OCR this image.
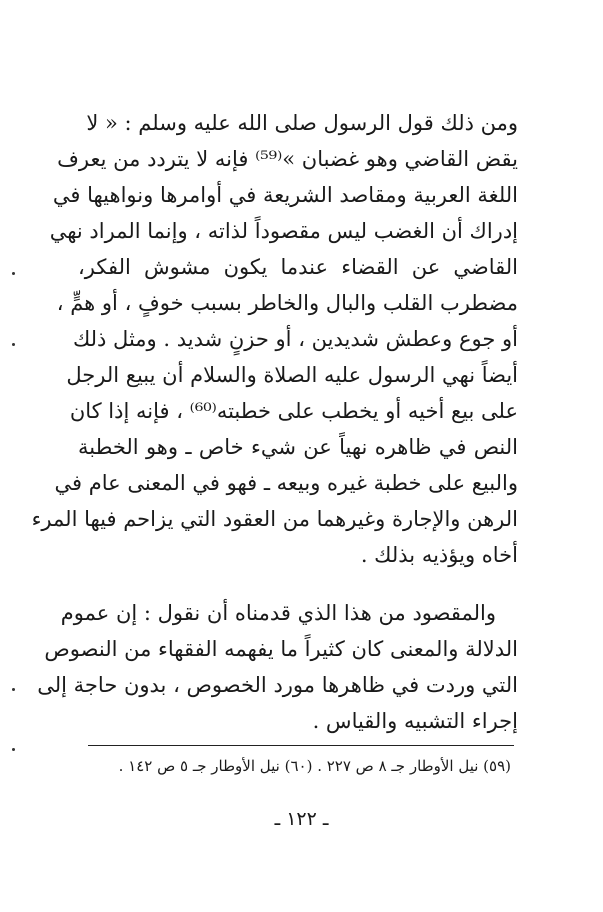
ومن ذلك قول الرسول صلى الله عليه وسلم : « لا
يقض القاضي وهو غضبان »⁽⁵⁹⁾ فإنه لا يتردد من يعرف
اللغة العربية ومقاصد الشريعة في أوامرها ونواهيها في
إدراك أن الغضب ليس مقصوداً لذاته ، وإنما المراد نهي
القاضي عن القضاء عندما يكون مشوش الفكر،
مضطرب القلب والبال والخاطر بسبب خوفٍ ، أو همٍّ ،
أو جوع وعطش شديدين ، أو حزنٍ شديد . ومثل ذلك
أيضاً نهي الرسول عليه الصلاة والسلام أن يبيع الرجل
على بيع أخيه أو يخطب على خطبته⁽⁶⁰⁾ ، فإنه إذا كان
النص في ظاهره نهياً عن شيء خاص ـ وهو الخطبة
والبيع على خطبة غيره وبيعه ـ فهو في المعنى عام في
الرهن والإجارة وغيرهما من العقود التي يزاحم فيها المرء
أخاه ويؤذيه بذلك .
والمقصود من هذا الذي قدمناه أن نقول : إن عموم
الدلالة والمعنى كان كثيراً ما يفهمه الفقهاء من النصوص
التي وردت في ظاهرها مورد الخصوص ، بدون حاجة إلى
إجراء التشبيه والقياس .
(٥٩) نيل الأوطار جـ ٨ ص ٢٢٧ . (٦٠) نيل الأوطار جـ ٥ ص ١٤٢ .
ـ ١٢٢ ـ
